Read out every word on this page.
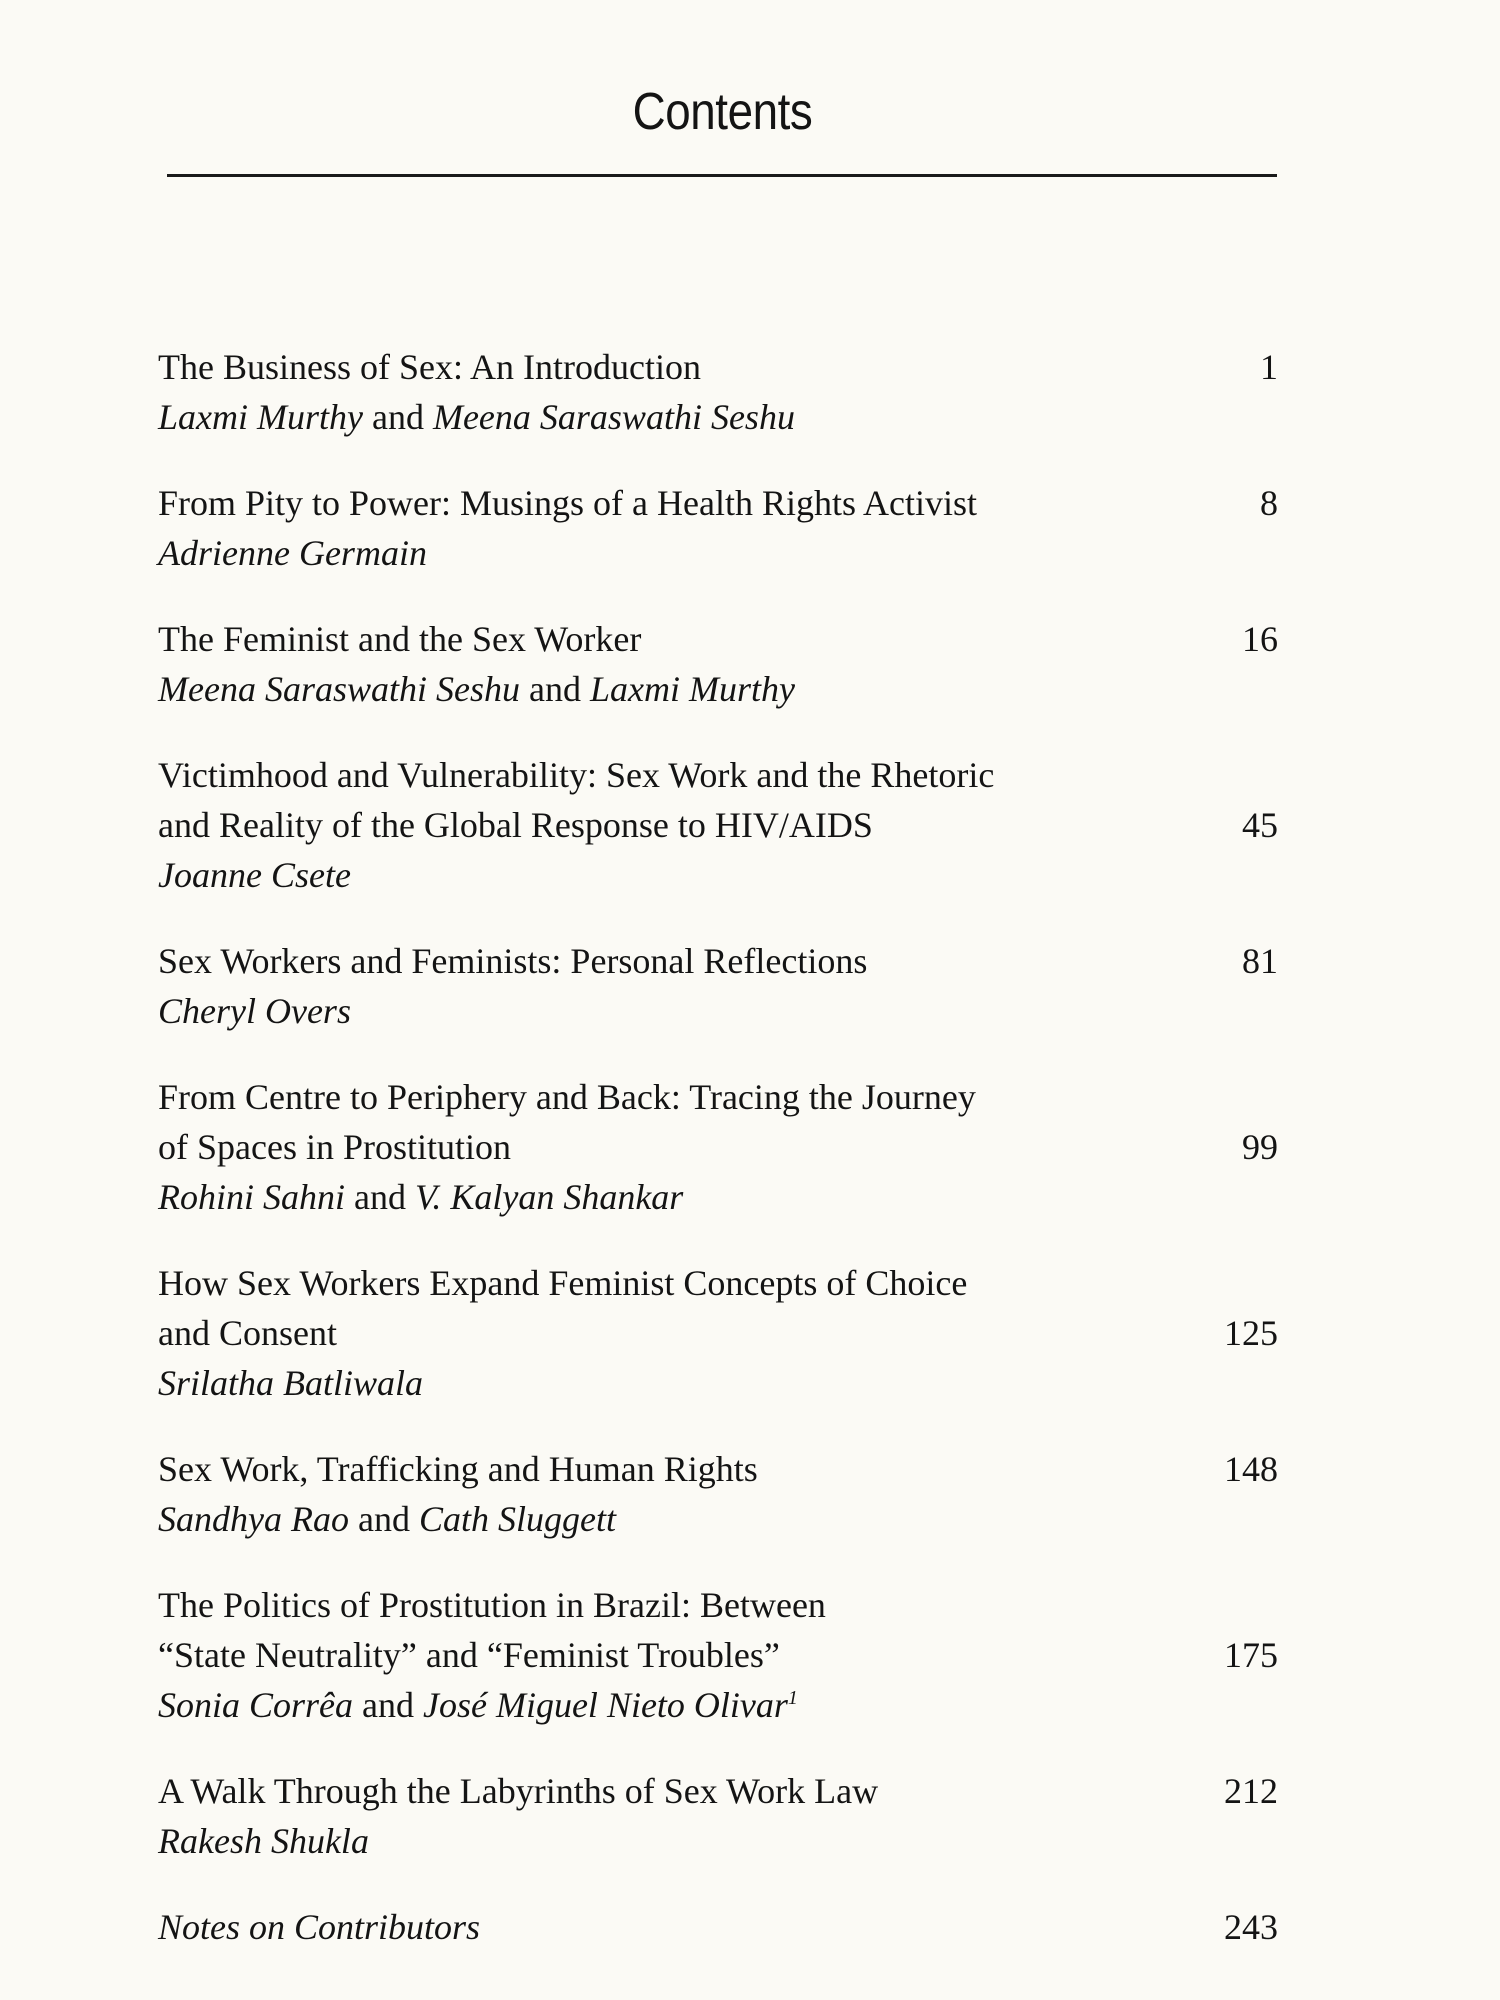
Contents
The Business of Sex: An Introduction
Laxmi Murthy and Meena Saraswathi Seshu
1
From Pity to Power: Musings of a Health Rights Activist
Adrienne Germain
8
The Feminist and the Sex Worker
Meena Saraswathi Seshu and Laxmi Murthy
16
Victimhood and Vulnerability: Sex Work and the Rhetoric
and Reality of the Global Response to HIV/AIDS
Joanne Csete
45
Sex Workers and Feminists: Personal Reflections
Cheryl Overs
81
From Centre to Periphery and Back: Tracing the Journey
of Spaces in Prostitution
Rohini Sahni and V. Kalyan Shankar
99
How Sex Workers Expand Feminist Concepts of Choice
and Consent
Srilatha Batliwala
125
Sex Work, Trafficking and Human Rights
Sandhya Rao and Cath Sluggett
148
The Politics of Prostitution in Brazil: Between
“State Neutrality” and “Feminist Troubles”
Sonia Corrêa and José Miguel Nieto Olivar$^1$
175
A Walk Through the Labyrinths of Sex Work Law
Rakesh Shukla
212
Notes on Contributors	243
